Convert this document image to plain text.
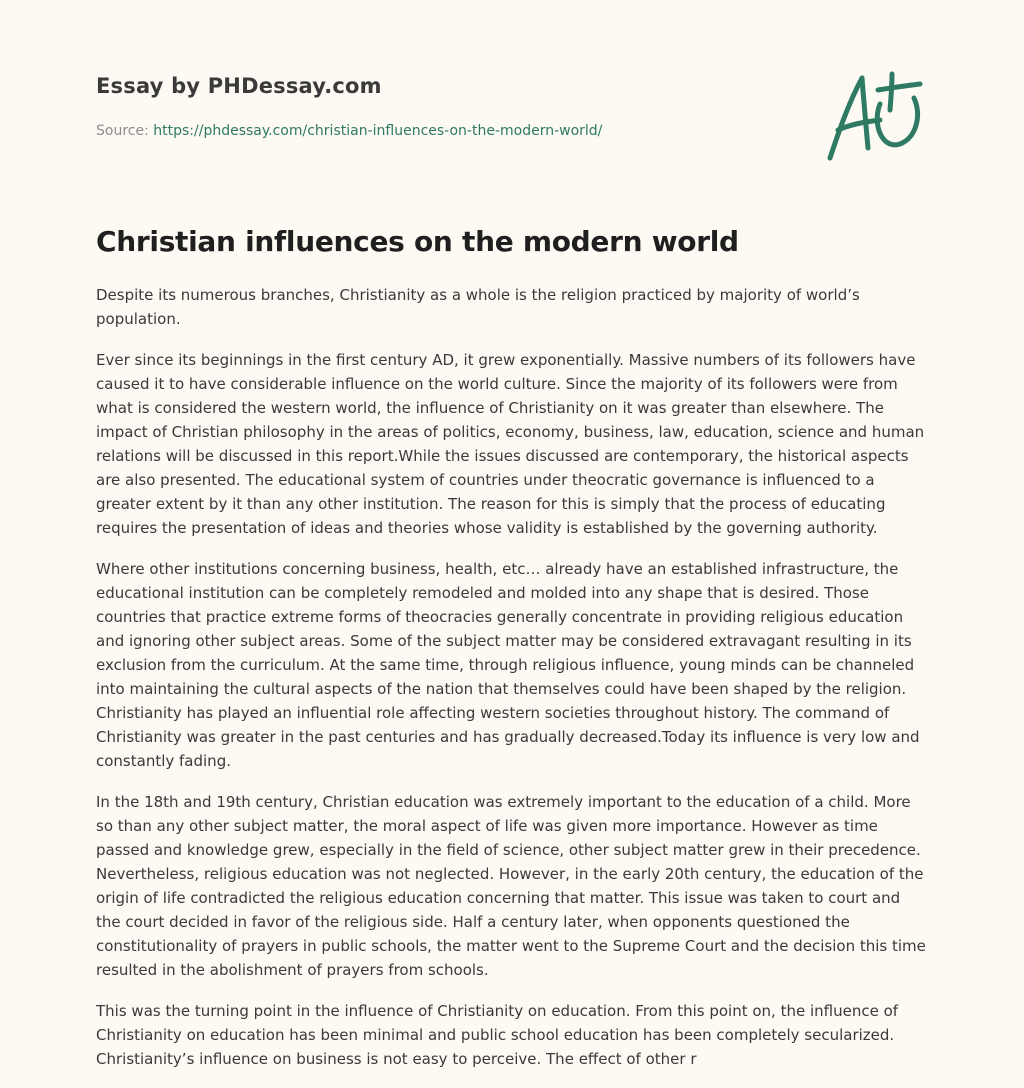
Essay by PHDessay.com
Source: https://phdessay.com/christian-influences-on-the-modern-world/
Christian influences on the modern world

Despite its numerous branches, Christianity as a whole is the religion practiced by majority of world’s population.

Ever since its beginnings in the first century AD, it grew exponentially. Massive numbers of its followers have caused it to have considerable influence on the world culture. Since the majority of its followers were from what is considered the western world, the influence of Christianity on it was greater than elsewhere. The impact of Christian philosophy in the areas of politics, economy, business, law, education, science and human relations will be discussed in this report.While the issues discussed are contemporary, the historical aspects are also presented. The educational system of countries under theocratic governance is influenced to a greater extent by it than any other institution. The reason for this is simply that the process of educating requires the presentation of ideas and theories whose validity is established by the governing authority.

Where other institutions concerning business, health, etc… already have an established infrastructure, the educational institution can be completely remodeled and molded into any shape that is desired. Those countries that practice extreme forms of theocracies generally concentrate in providing religious education and ignoring other subject areas. Some of the subject matter may be considered extravagant resulting in its exclusion from the curriculum. At the same time, through religious influence, young minds can be channeled into maintaining the cultural aspects of the nation that themselves could have been shaped by the religion. Christianity has played an influential role affecting western societies throughout history. The command of Christianity was greater in the past centuries and has gradually decreased.Today its influence is very low and constantly fading.

In the 18th and 19th century, Christian education was extremely important to the education of a child. More so than any other subject matter, the moral aspect of life was given more importance. However as time passed and knowledge grew, especially in the field of science, other subject matter grew in their precedence. Nevertheless, religious education was not neglected. However, in the early 20th century, the education of the origin of life contradicted the religious education concerning that matter. This issue was taken to court and the court decided in favor of the religious side. Half a century later, when opponents questioned the constitutionality of prayers in public schools, the matter went to the Supreme Court and the decision this time resulted in the abolishment of prayers from schools.

This was the turning point in the influence of Christianity on education. From this point on, the influence of Christianity on education has been minimal and public school education has been completely secularized. Christianity’s influence on business is not easy to perceive. The effect of other r
